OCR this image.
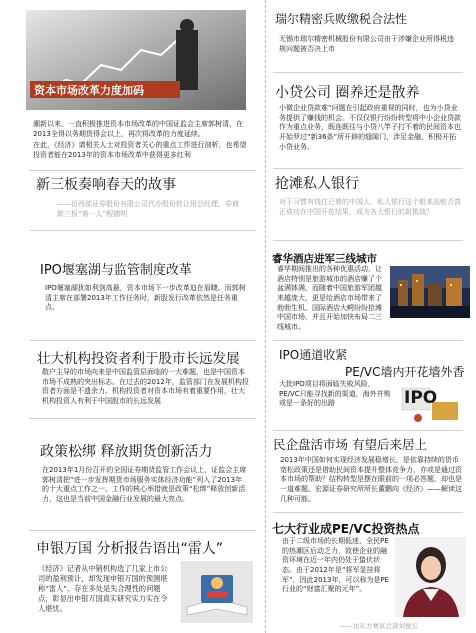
资本市场改革力度加码
潮新以来，一直积极推进资本市场改革的中国证监会主席郭树清，在2013全得以务期货得会以上，再次将改革的力度延续。
在此，《经济》请相关人士对投资者关心的重点工作进行剖析，也希望投资者能在2013年的资本市场改革中获得更多红利
新三板奏响春天的故事
——访西部证券股份有限公司代办股份转让用总经理、券商新三板“第一人”程德明
IPO堰塞湖与监管制度改革
IPO堰塞湖犹如利剑高悬，资本市场下一步改革迫在眉睫。而郭树清主席在部署2013年工作任务时，新股发行改革依然是任务重点。
壮大机构投资者利于股市长远发展
散户主导的市场向来是中国监管层面临的一大难题，也是中国资本市场不成熟的突出标志。在过去的2012年，监管部门在发展机构投资者方面是不遗余力。机构投资者对资本市场有着重要作用，壮大机构投资人有利于中国股市的长远发展
政策松绑 释放期货创新活力
在2013年1月份召开的全国证券期货监管工作会议上，证监会主席郭树清把“进一步发挥期货市场服务实体经济功能”列入了2013年的十大重点工作之一。工作的核心举措就是政策“松绑”释放创新活力，这也是当前中国金融行业发展的最大亮点。
申银万国 分析报告语出“雷人”
《经济》记者从中销机构选了几家上市公司的盈利预计，却发现申银万国的预测堪称“雷人”。存在多处是失合理性的问题点，彰显出申银万国真实研究实力实在令人堪忧。
瑞尔精密兵败缴税合法性
无锡市瑞尔精密机械股份有限公司由于涉嫌企业所得税违规问题被否决上市
小贷公司 圈养还是散养
小微企业贷款难”问题在引起政府重视的同时，也为小贷业务提供了赚钱的机会。不仅仅银行纷纷转型将中小企业贷款作为重点业务，既连既往与小贷八竿子打不着的民间资本也开始罗过”新36条”所开辟的缝隙门，涉足金融，积极开拓小贷业务。
抢滩私人银行
对于习惯有钱往已曾的中国人，私人银行这个船来品能否真正成功在中国开花结果，成为各大银行的新挑战？
睿华酒店进军三线城市
睿华期间推出的各种优惠活动，让酒店特别是旅游城市的酒店赚了个盆满钵满，而随着中国旅游军团越来越庞大，更是给酒店市场带来了勃勃生机。国际酒店大鳄纷纷抢滩中国市场，并且开始加快布局二三线城市。
IPO通道收紧
PE/VC墙内开花墙外香
大批IPO项目将面临失败风险，PE/VC只能寻找新的渠道，海外并购或是一条好的出路	IPO
民企盘活市场 有望后来居上
2013年中国如何实现经济发展稳增长，是依靠持续的货币宽松政策还是借助民间资本提升整体竞争力，亦或是通过资本市场的帮助？结构转型是摆在眼前的一项必答题，却也是一道难题。宏源证券研究所所长董鹏向《经济》——解读这几种可能。
七大行业成PE/VC投资热点
由于二级市场的长期低迷，全民PE的热潮区后动乏力，致使企业的融资环境在近一年内仍处于蛰伏状态。由于2012年是“将军显挂将军”，因此2013年，可以称为是PE行业的“财富汇聚的元年”。
——访东方赛富总裁刘俊宏
